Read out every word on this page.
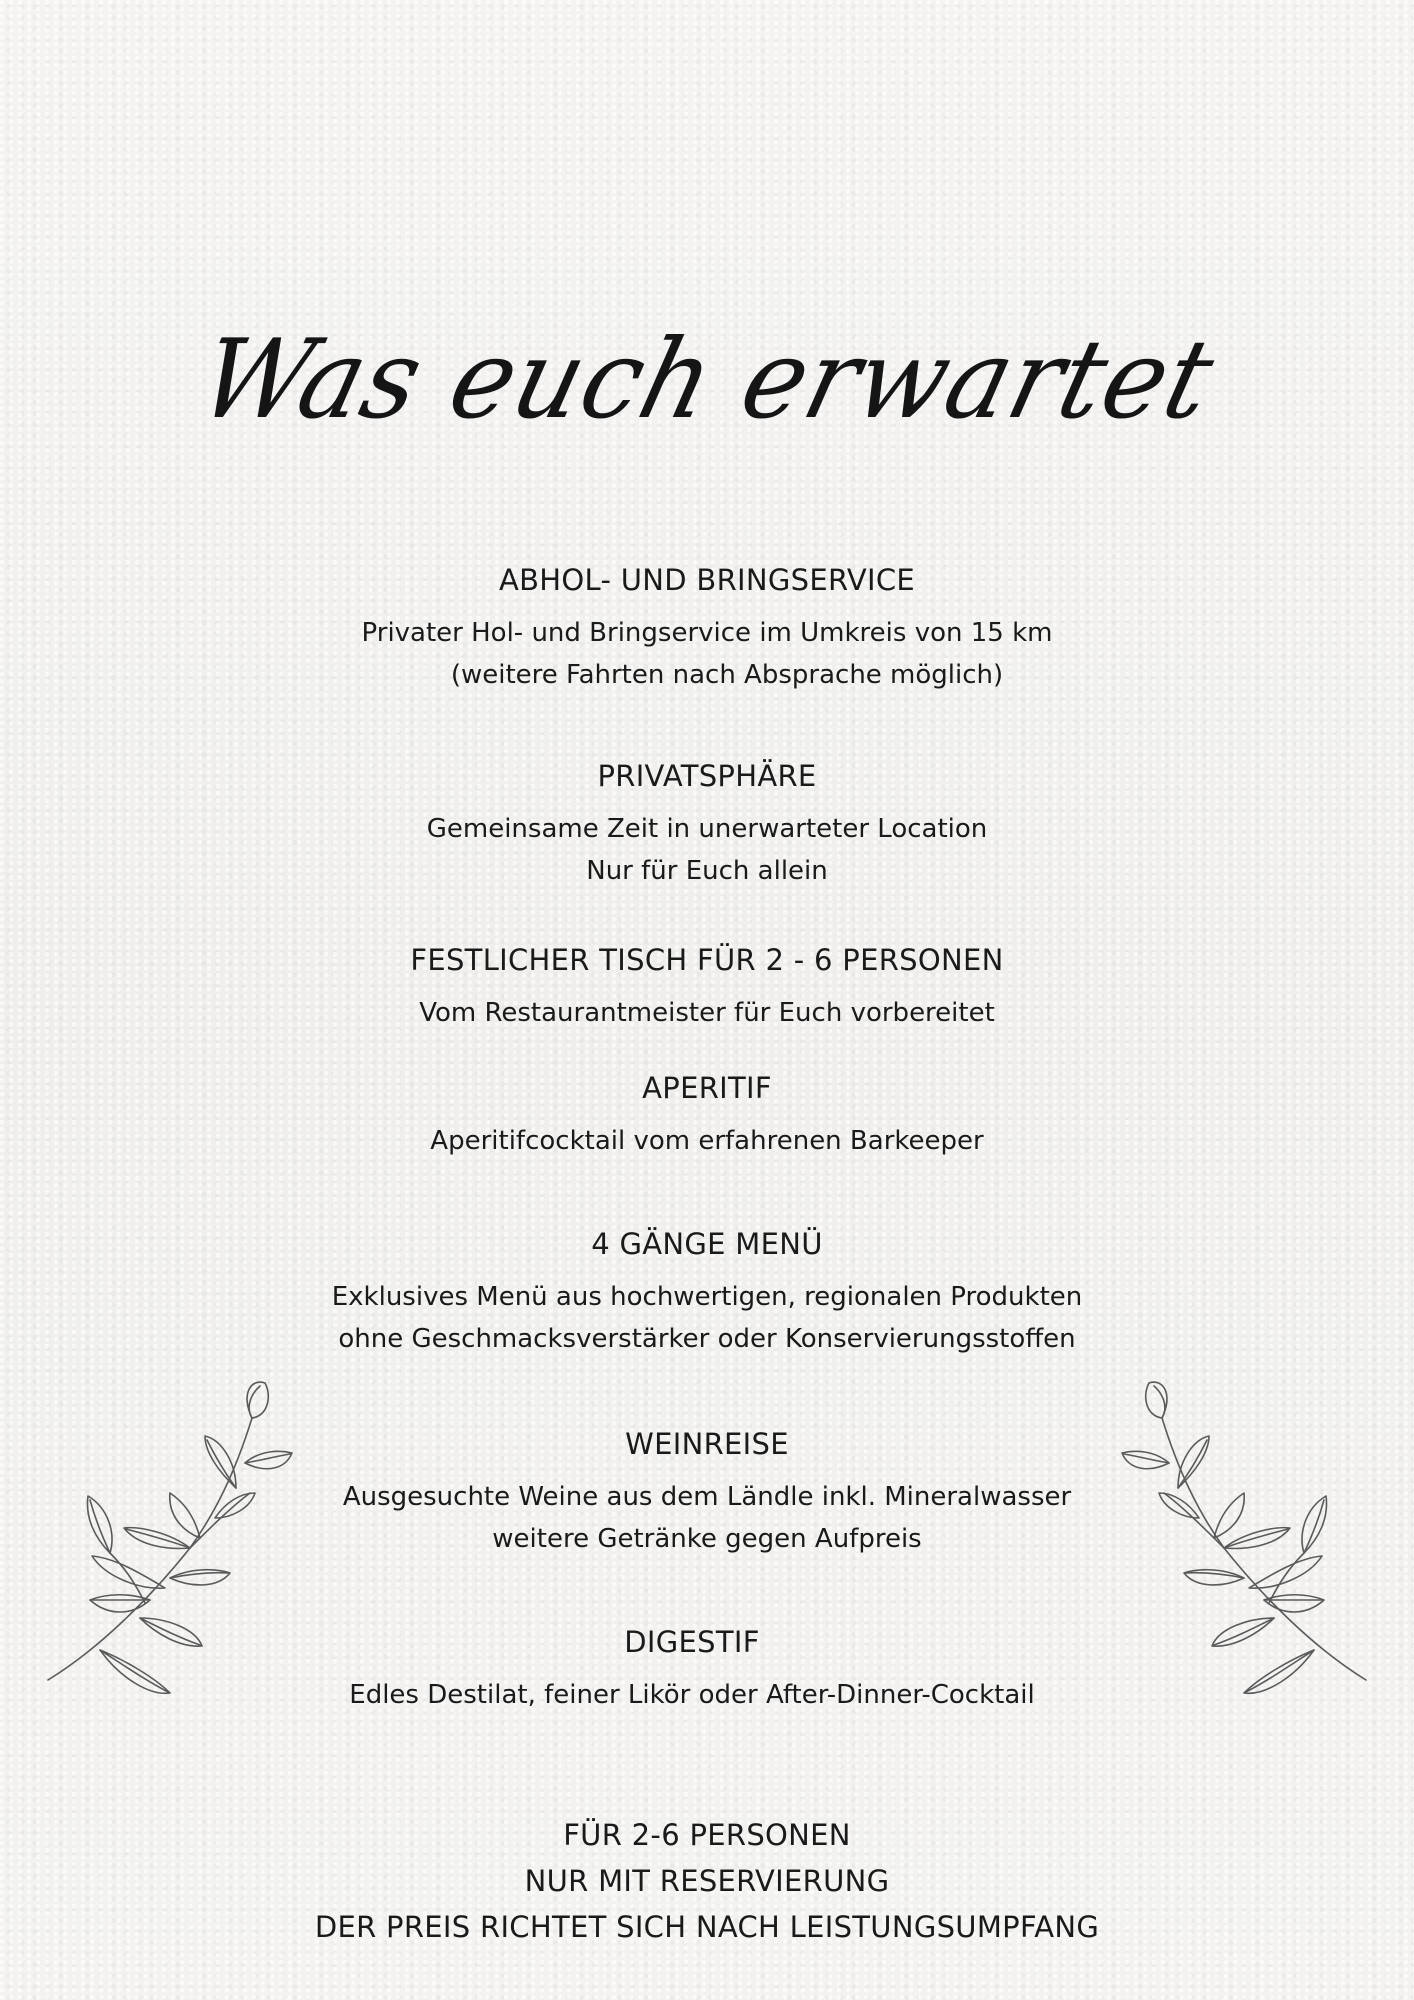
Was euch erwartet
ABHOL- UND BRINGSERVICE
Privater Hol- und Bringservice im Umkreis von 15 km
(weitere Fahrten nach Absprache möglich)
PRIVATSPHÄRE
Gemeinsame Zeit in unerwarteter Location
Nur für Euch allein
FESTLICHER TISCH FÜR 2 - 6 PERSONEN
Vom Restaurantmeister für Euch vorbereitet
APERITIF
Aperitifcocktail vom erfahrenen Barkeeper
4 GÄNGE MENÜ
Exklusives Menü aus hochwertigen, regionalen Produkten
ohne Geschmacksverstärker oder Konservierungsstoffen
WEINREISE
Ausgesuchte Weine aus dem Ländle inkl. Mineralwasser
weitere Getränke gegen Aufpreis
DIGESTIF
Edles Destilat, feiner Likör oder After-Dinner-Cocktail
FÜR 2-6 PERSONEN
NUR MIT RESERVIERUNG
DER PREIS RICHTET SICH NACH LEISTUNGSUMPFANG
